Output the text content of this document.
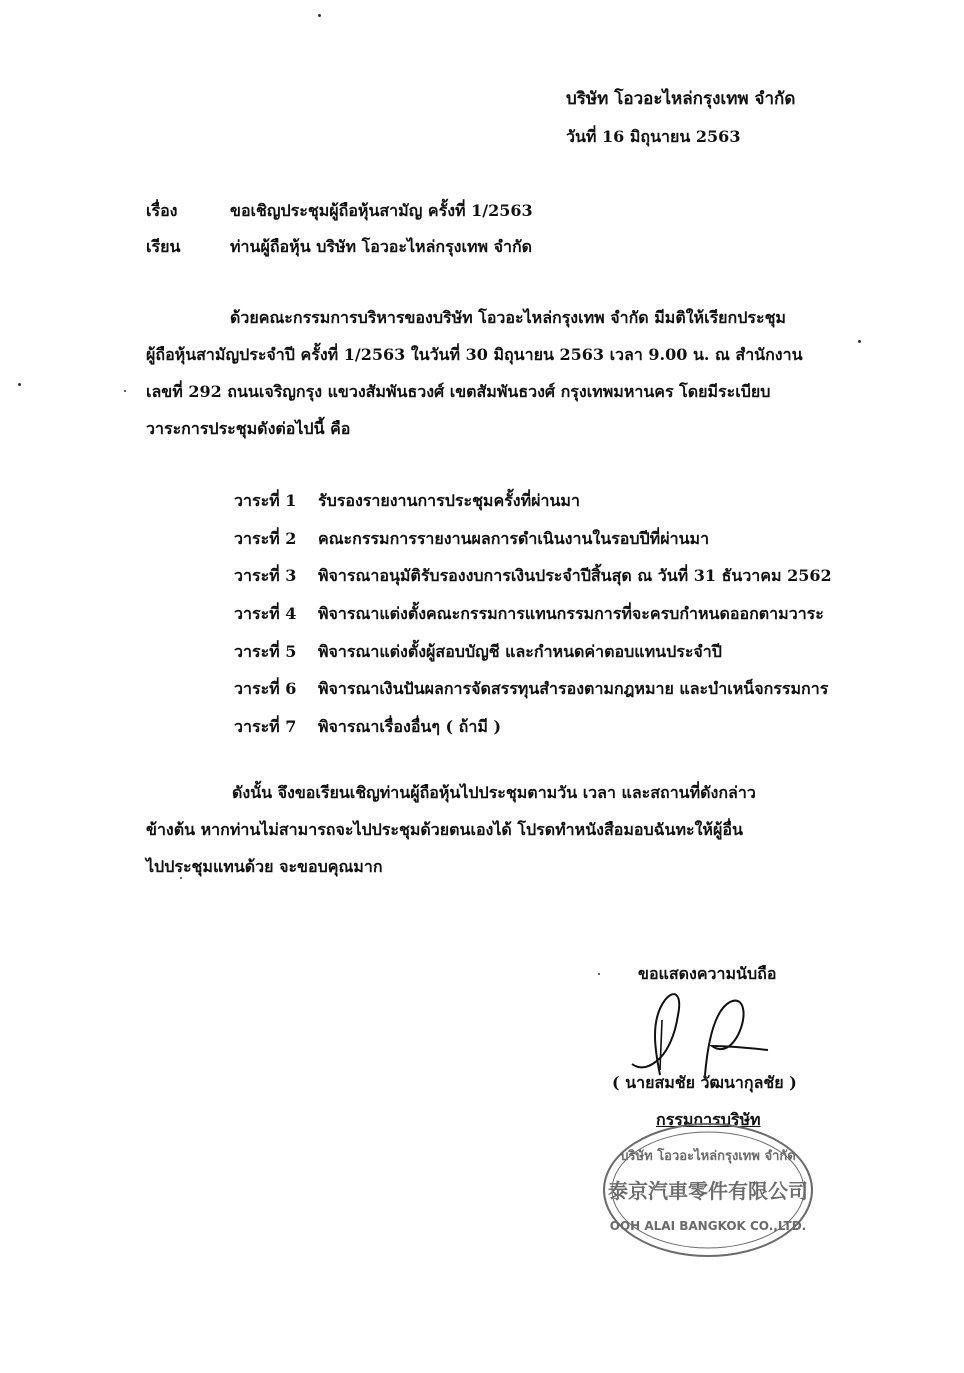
บริษัท โอวอะไหล่กรุงเทพ จำกัด
วันที่ 16 มิถุนายน 2563
เรื่อง	ขอเชิญประชุมผู้ถือหุ้นสามัญ ครั้งที่ 1/2563
เรียน	ท่านผู้ถือหุ้น บริษัท โอวอะไหล่กรุงเทพ จำกัด
ด้วยคณะกรรมการบริหารของบริษัท โอวอะไหล่กรุงเทพ จำกัด มีมติให้เรียกประชุม
ผู้ถือหุ้นสามัญประจำปี ครั้งที่ 1/2563 ในวันที่ 30 มิถุนายน 2563 เวลา 9.00 น. ณ สำนักงาน
เลขที่ 292 ถนนเจริญกรุง แขวงสัมพันธวงศ์ เขตสัมพันธวงศ์ กรุงเทพมหานคร โดยมีระเบียบ
วาระการประชุมดังต่อไปนี้ คือ
วาระที่ 1	รับรองรายงานการประชุมครั้งที่ผ่านมา
วาระที่ 2	คณะกรรมการรายงานผลการดำเนินงานในรอบปีที่ผ่านมา
วาระที่ 3	พิจารณาอนุมัติรับรองงบการเงินประจำปีสิ้นสุด ณ วันที่ 31 ธันวาคม 2562
วาระที่ 4	พิจารณาแต่งตั้งคณะกรรมการแทนกรรมการที่จะครบกำหนดออกตามวาระ
วาระที่ 5	พิจารณาแต่งตั้งผู้สอบบัญชี และกำหนดค่าตอบแทนประจำปี
วาระที่ 6	พิจารณาเงินปันผลการจัดสรรทุนสำรองตามกฎหมาย และบำเหน็จกรรมการ
วาระที่ 7	พิจารณาเรื่องอื่นๆ ( ถ้ามี )
ดังนั้น จึงขอเรียนเชิญท่านผู้ถือหุ้นไปประชุมตามวัน เวลา และสถานที่ดังกล่าว
ข้างต้น หากท่านไม่สามารถจะไปประชุมด้วยตนเองได้ โปรดทำหนังสือมอบฉันทะให้ผู้อื่น
ไปประชุมแทนด้วย จะขอบคุณมาก
ขอแสดงความนับถือ
( นายสมชัย วัฒนากุลชัย )
กรรมการบริษัท
บริษัท โอวอะไหล่กรุงเทพ จำกัด
泰京汽車零件有限公司
OOH ALAI BANGKOK CO.,LTD.
